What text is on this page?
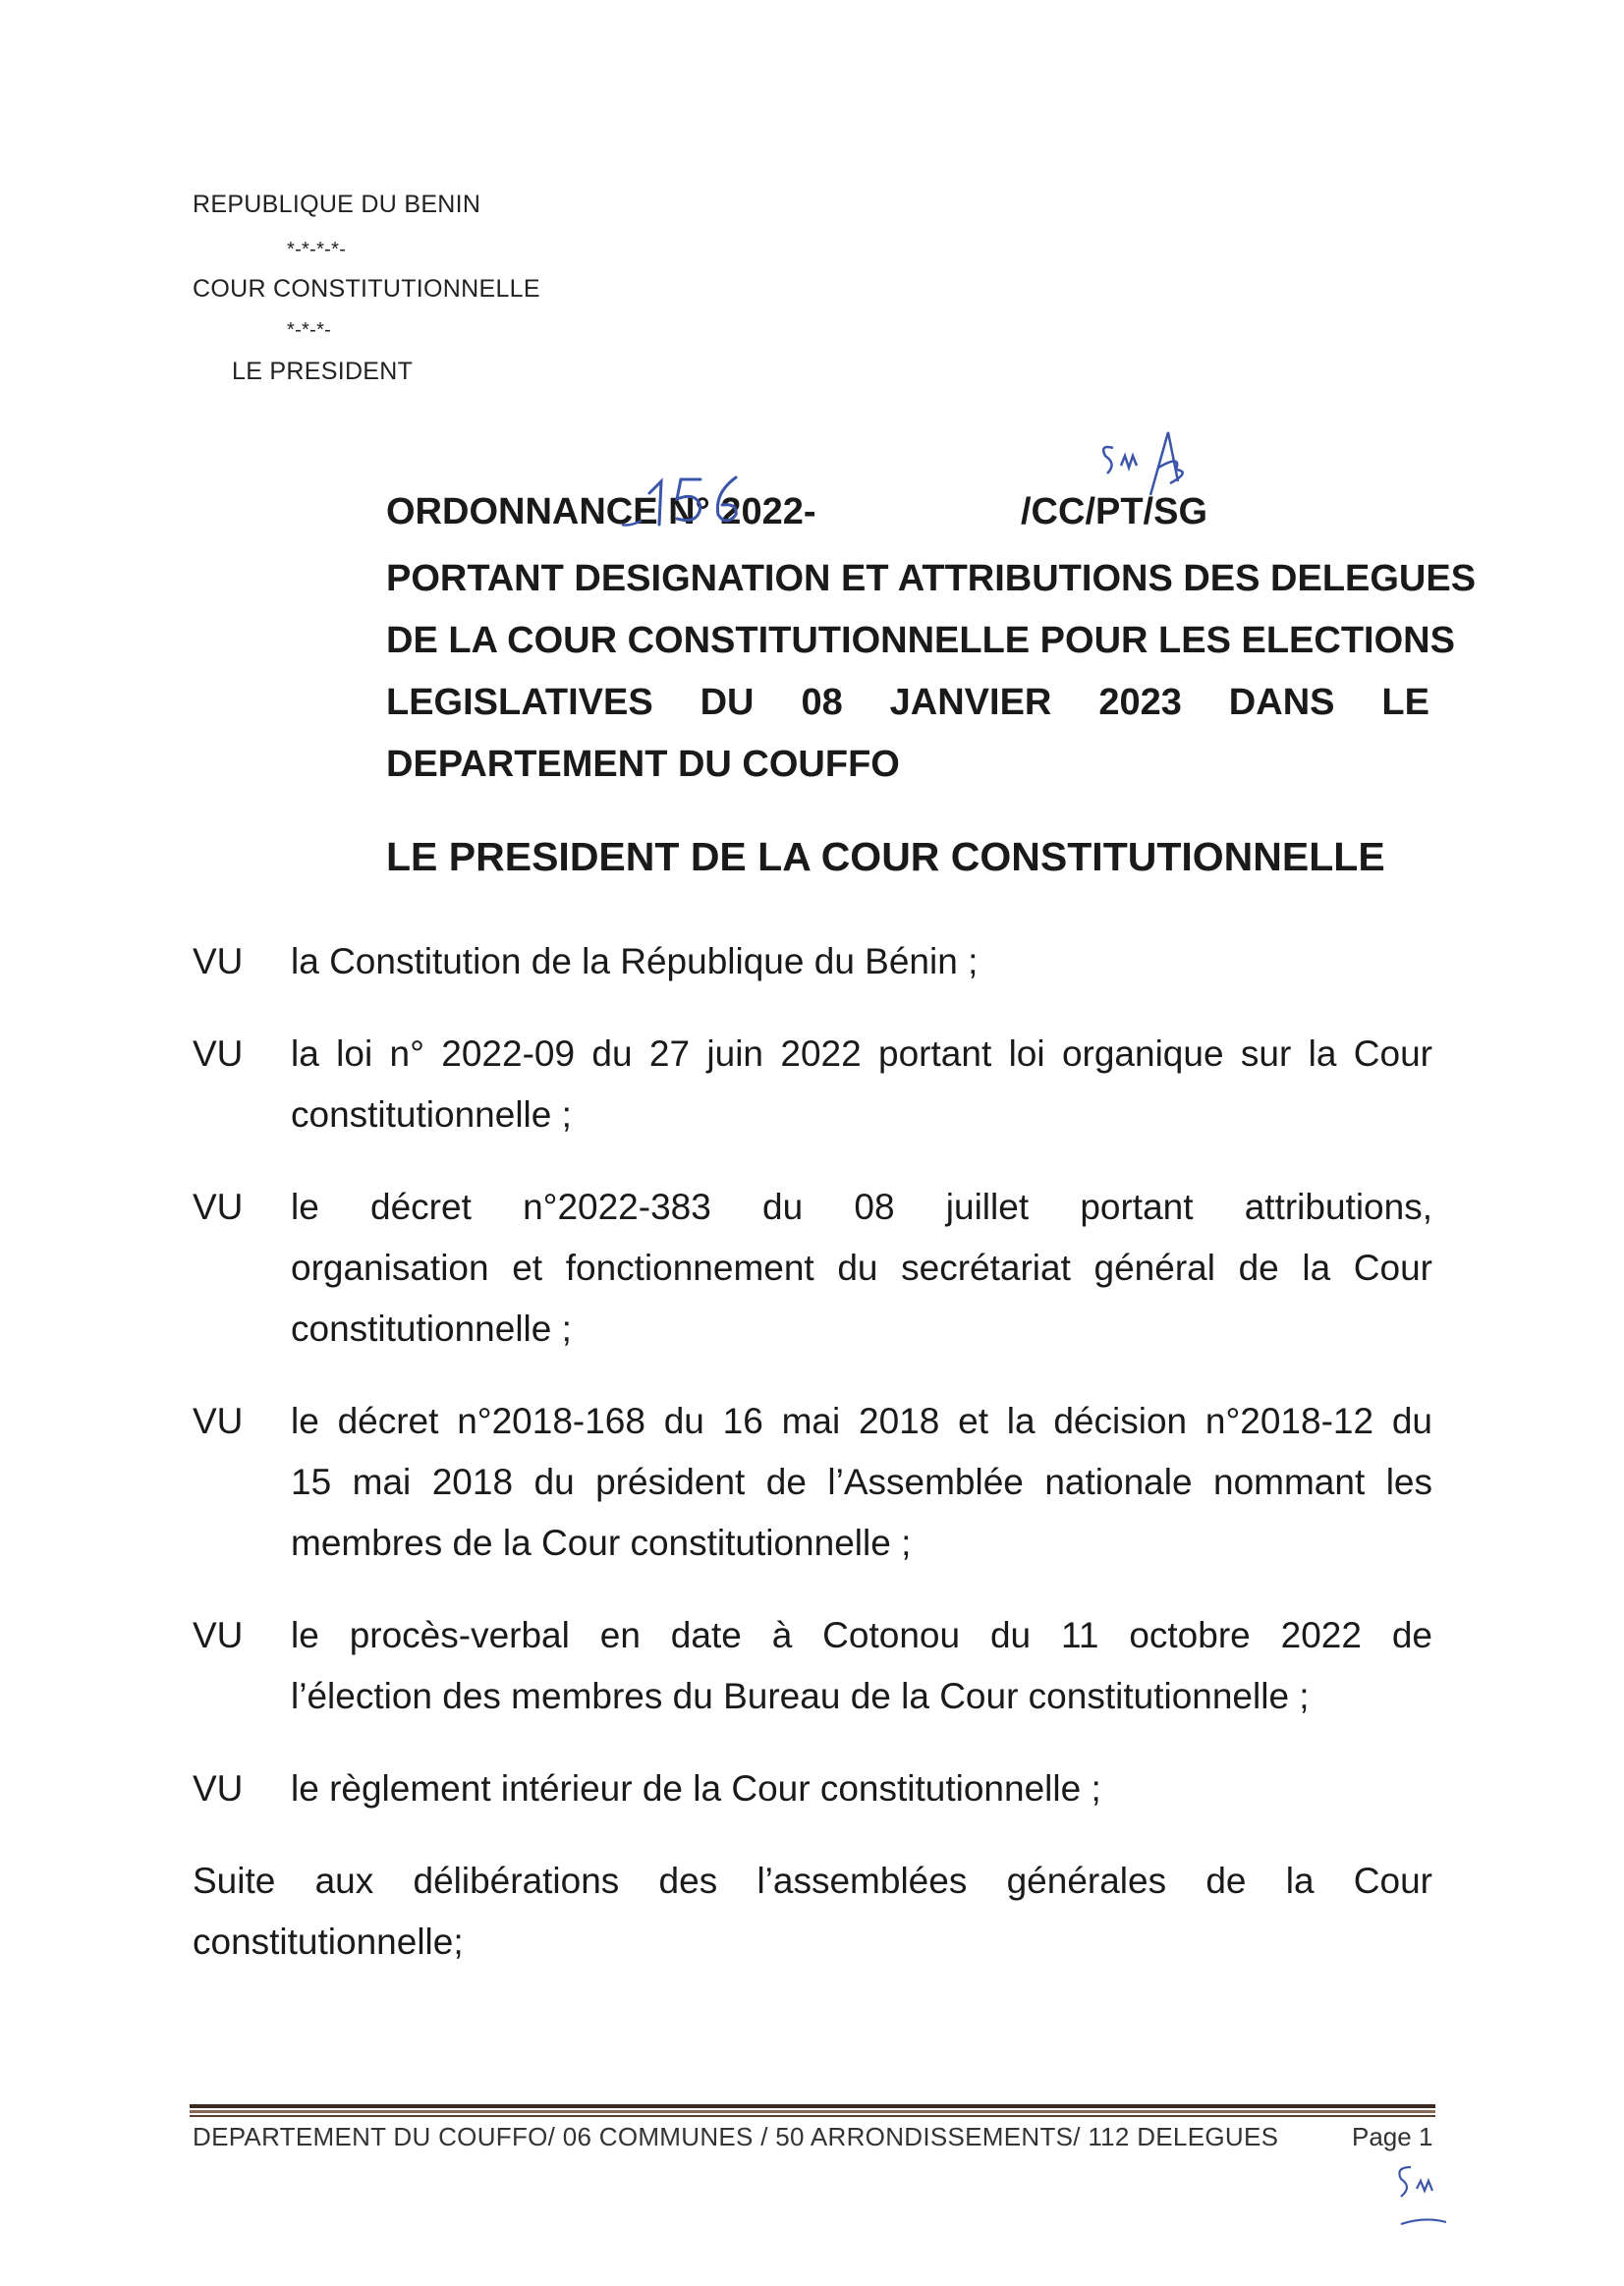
REPUBLIQUE DU BENIN
*-*-*-*-
COUR CONSTITUTIONNELLE
*-*-*-
LE PRESIDENT
ORDONNANCE N° 2022-	/CC/PT/SG
PORTANT DESIGNATION ET ATTRIBUTIONS DES DELEGUES
DE LA COUR CONSTITUTIONNELLE POUR LES ELECTIONS
LEGISLATIVES DU 08 JANVIER 2023 DANS LE
DEPARTEMENT DU COUFFO
LE PRESIDENT DE LA COUR CONSTITUTIONNELLE
VU la Constitution de la République du Bénin ;
VU la loi n° 2022-09 du 27 juin 2022 portant loi organique sur la Cour
constitutionnelle ;
VU le décret n°2022-383 du 08 juillet portant attributions,
organisation et fonctionnement du secrétariat général de la Cour
constitutionnelle ;
VU le décret n°2018-168 du 16 mai 2018 et la décision n°2018-12 du
15 mai 2018 du président de l’Assemblée nationale nommant les
membres de la Cour constitutionnelle ;
VU le procès-verbal en date à Cotonou du 11 octobre 2022 de
l’élection des membres du Bureau de la Cour constitutionnelle ;
VU le règlement intérieur de la Cour constitutionnelle ;
Suite aux délibérations des l’assemblées générales de la Cour
constitutionnelle;
DEPARTEMENT DU COUFFO/ 06 COMMUNES / 50 ARRONDISSEMENTS/ 112 DELEGUES	Page 1
